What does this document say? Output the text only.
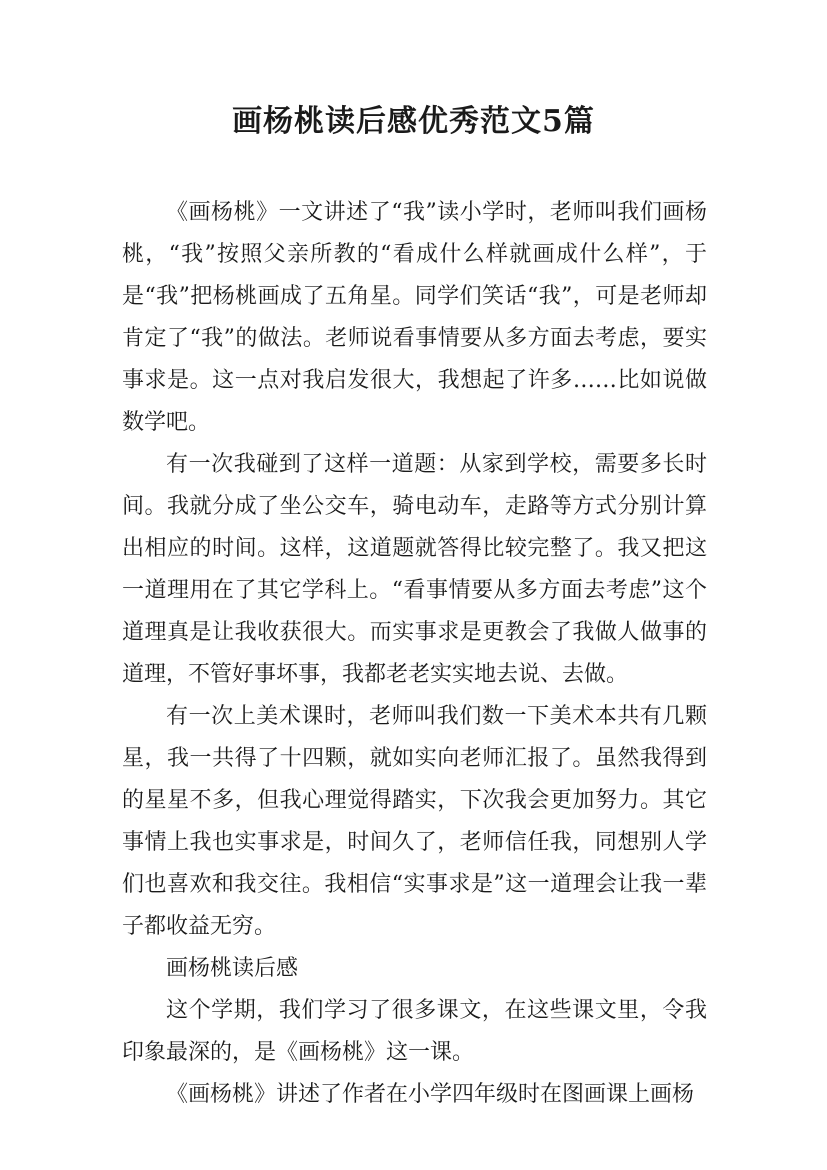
画杨桃读后感优秀范文5篇

《画杨桃》一文讲述了“我”读小学时，老师叫我们画杨桃，“我”按照父亲所教的“看成什么样就画成什么样”，于是“我”把杨桃画成了五角星。同学们笑话“我”，可是老师却肯定了“我”的做法。老师说看事情要从多方面去考虑，要实事求是。这一点对我启发很大，我想起了许多……比如说做数学吧。

有一次我碰到了这样一道题：从家到学校，需要多长时间。我就分成了坐公交车，骑电动车，走路等方式分别计算出相应的时间。这样，这道题就答得比较完整了。我又把这一道理用在了其它学科上。“看事情要从多方面去考虑”这个道理真是让我收获很大。而实事求是更教会了我做人做事的道理，不管好事坏事，我都老老实实地去说、去做。

有一次上美术课时，老师叫我们数一下美术本共有几颗星，我一共得了十四颗，就如实向老师汇报了。虽然我得到的星星不多，但我心理觉得踏实，下次我会更加努力。其它事情上我也实事求是，时间久了，老师信任我，同想别人学们也喜欢和我交往。我相信“实事求是”这一道理会让我一辈子都收益无穷。

画杨桃读后感

这个学期，我们学习了很多课文，在这些课文里，令我印象最深的，是《画杨桃》这一课。

《画杨桃》讲述了作者在小学四年级时在图画课上画杨
